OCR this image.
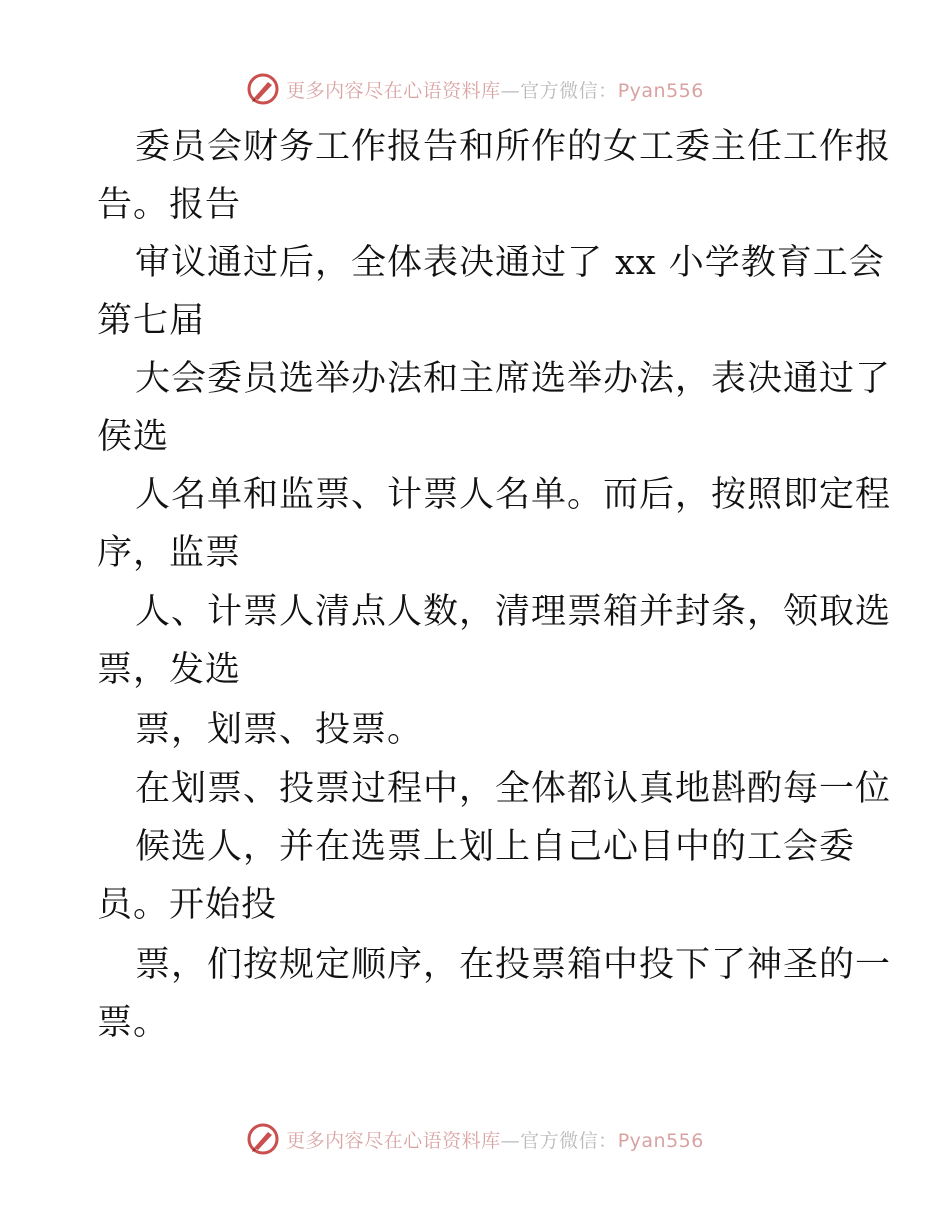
更多内容尽在心语资料库—官方微信：Pyan556
委员会财务工作报告和所作的女工委主任工作报
告。报告
审议通过后，全体表决通过了 xx 小学教育工会
第七届
大会委员选举办法和主席选举办法，表决通过了
侯选
人名单和监票、计票人名单。而后，按照即定程
序，监票
人、计票人清点人数，清理票箱并封条，领取选
票，发选
票，划票、投票。
在划票、投票过程中，全体都认真地斟酌每一位
候选人，并在选票上划上自己心目中的工会委
员。开始投
票，们按规定顺序，在投票箱中投下了神圣的一
票。
更多内容尽在心语资料库—官方微信：Pyan556
